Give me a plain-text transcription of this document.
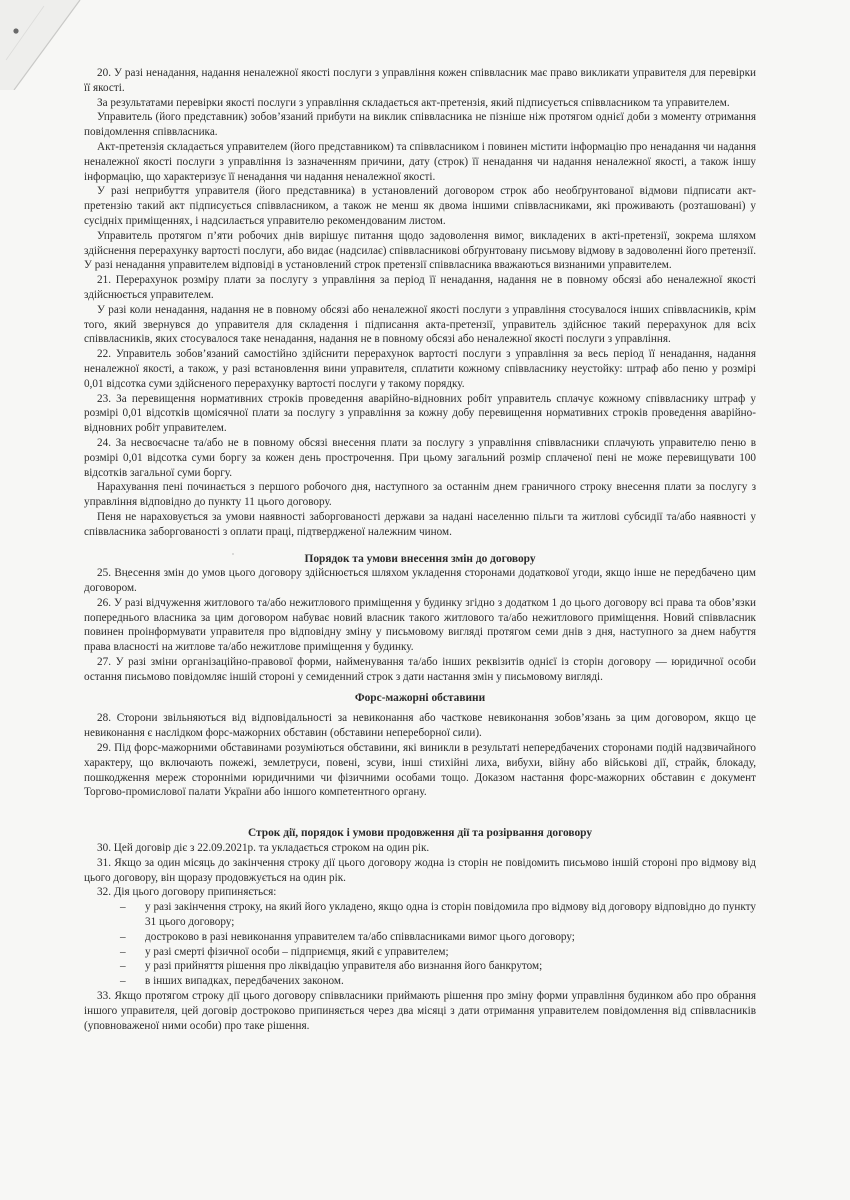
20. У разі ненадання, надання неналежної якості послуги з управління кожен співвласник має право викликати управителя для перевірки її якості.

За результатами перевірки якості послуги з управління складається акт-претензія, який підписується співвласником та управителем.

Управитель (його представник) зобов’язаний прибути на виклик співвласника не пізніше ніж протягом однієї доби з моменту отримання повідомлення співвласника.

Акт-претензія складається управителем (його представником) та співвласником і повинен містити інформацію про ненадання чи надання неналежної якості послуги з управління із зазначенням причини, дату (строк) її ненадання чи надання неналежної якості, а також іншу інформацію, що характеризує її ненадання чи надання неналежної якості.

У разі неприбуття управителя (його представника) в установлений договором строк або необґрунтованої відмови підписати акт-претензію такий акт підписується співвласником, а також не менш як двома іншими співвласниками, які проживають (розташовані) у сусідніх приміщеннях, і надсилається управителю рекомендованим листом.

Управитель протягом п’яти робочих днів вирішує питання щодо задоволення вимог, викладених в акті-претензії, зокрема шляхом здійснення перерахунку вартості послуги, або видає (надсилає) співвласникові обґрунтовану письмову відмову в задоволенні його претензії. У разі ненадання управителем відповіді в установлений строк претензії співвласника вважаються визнаними управителем.

21. Перерахунок розміру плати за послугу з управління за період її ненадання, надання не в повному обсязі або неналежної якості здійснюється управителем.

У разі коли ненадання, надання не в повному обсязі або неналежної якості послуги з управління стосувалося інших співвласників, крім того, який звернувся до управителя для складення і підписання акта-претензії, управитель здійснює такий перерахунок для всіх співвласників, яких стосувалося таке ненадання, надання не в повному обсязі або неналежної якості послуги з управління.

22. Управитель зобов’язаний самостійно здійснити перерахунок вартості послуги з управління за весь період її ненадання, надання неналежної якості, а також, у разі встановлення вини управителя, сплатити кожному співвласнику неустойку: штраф або пеню у розмірі 0,01 відсотка суми здійсненого перерахунку вартості послуги у такому порядку.

23. За перевищення нормативних строків проведення аварійно-відновних робіт управитель сплачує кожному співвласнику штраф у розмірі 0,01 відсотків щомісячної плати за послугу з управління за кожну добу перевищення нормативних строків проведення аварійно-відновних робіт управителем.

24. За несвоєчасне та/або не в повному обсязі внесення плати за послугу з управління співвласники сплачують управителю пеню в розмірі 0,01 відсотка суми боргу за кожен день прострочення. При цьому загальний розмір сплаченої пені не може перевищувати 100 відсотків загальної суми боргу.

Нарахування пені починається з першого робочого дня, наступного за останнім днем граничного строку внесення плати за послугу з управління відповідно до пункту 11 цього договору.

Пеня не нараховується за умови наявності заборгованості держави за надані населенню пільги та житлові субсидії та/або наявності у співвласника заборгованості з оплати праці, підтвердженої належним чином.

Порядок та умови внесення змін до договору

25. Внесення змін до умов цього договору здійснюється шляхом укладення сторонами додаткової угоди, якщо інше не передбачено цим договором.

26. У разі відчуження житлового та/або нежитлового приміщення у будинку згідно з додатком 1 до цього договору всі права та обов’язки попереднього власника за цим договором набуває новий власник такого житлового та/або нежитлового приміщення. Новий співвласник повинен проінформувати управителя про відповідну зміну у письмовому вигляді протягом семи днів з дня, наступного за днем набуття права власності на житлове та/або нежитлове приміщення у будинку.

27. У разі зміни організаційно-правової форми, найменування та/або інших реквізитів однієї із сторін договору — юридичної особи остання письмово повідомляє іншій стороні у семиденний строк з дати настання змін у письмовому вигляді.

Форс-мажорні обставини

28. Сторони звільняються від відповідальності за невиконання або часткове невиконання зобов’язань за цим договором, якщо це невиконання є наслідком форс-мажорних обставин (обставини непереборної сили).

29. Під форс-мажорними обставинами розуміються обставини, які виникли в результаті непередбачених сторонами подій надзвичайного характеру, що включають пожежі, землетруси, повені, зсуви, інші стихійні лиха, вибухи, війну або військові дії, страйк, блокаду, пошкодження мереж сторонніми юридичними чи фізичними особами тощо. Доказом настання форс-мажорних обставин є документ Торгово-промислової палати України або іншого компетентного органу.

Строк дії, порядок і умови продовження дії та розірвання договору

30. Цей договір діє з 22.09.2021р. та укладається строком на один рік.

31. Якщо за один місяць до закінчення строку дії цього договору жодна із сторін не повідомить письмово іншій стороні про відмову від цього договору, він щоразу продовжується на один рік.

32. Дія цього договору припиняється:

– у разі закінчення строку, на який його укладено, якщо одна із сторін повідомила про відмову від договору відповідно до пункту 31 цього договору;
– достроково в разі невиконання управителем та/або співвласниками вимог цього договору;
– у разі смерті фізичної особи – підприємця, який є управителем;
– у разі прийняття рішення про ліквідацію управителя або визнання його банкрутом;
– в інших випадках, передбачених законом.

33. Якщо протягом строку дії цього договору співвласники приймають рішення про зміну форми управління будинком або про обрання іншого управителя, цей договір достроково припиняється через два місяці з дати отримання управителем повідомлення від співвласників (уповноваженої ними особи) про таке рішення.
